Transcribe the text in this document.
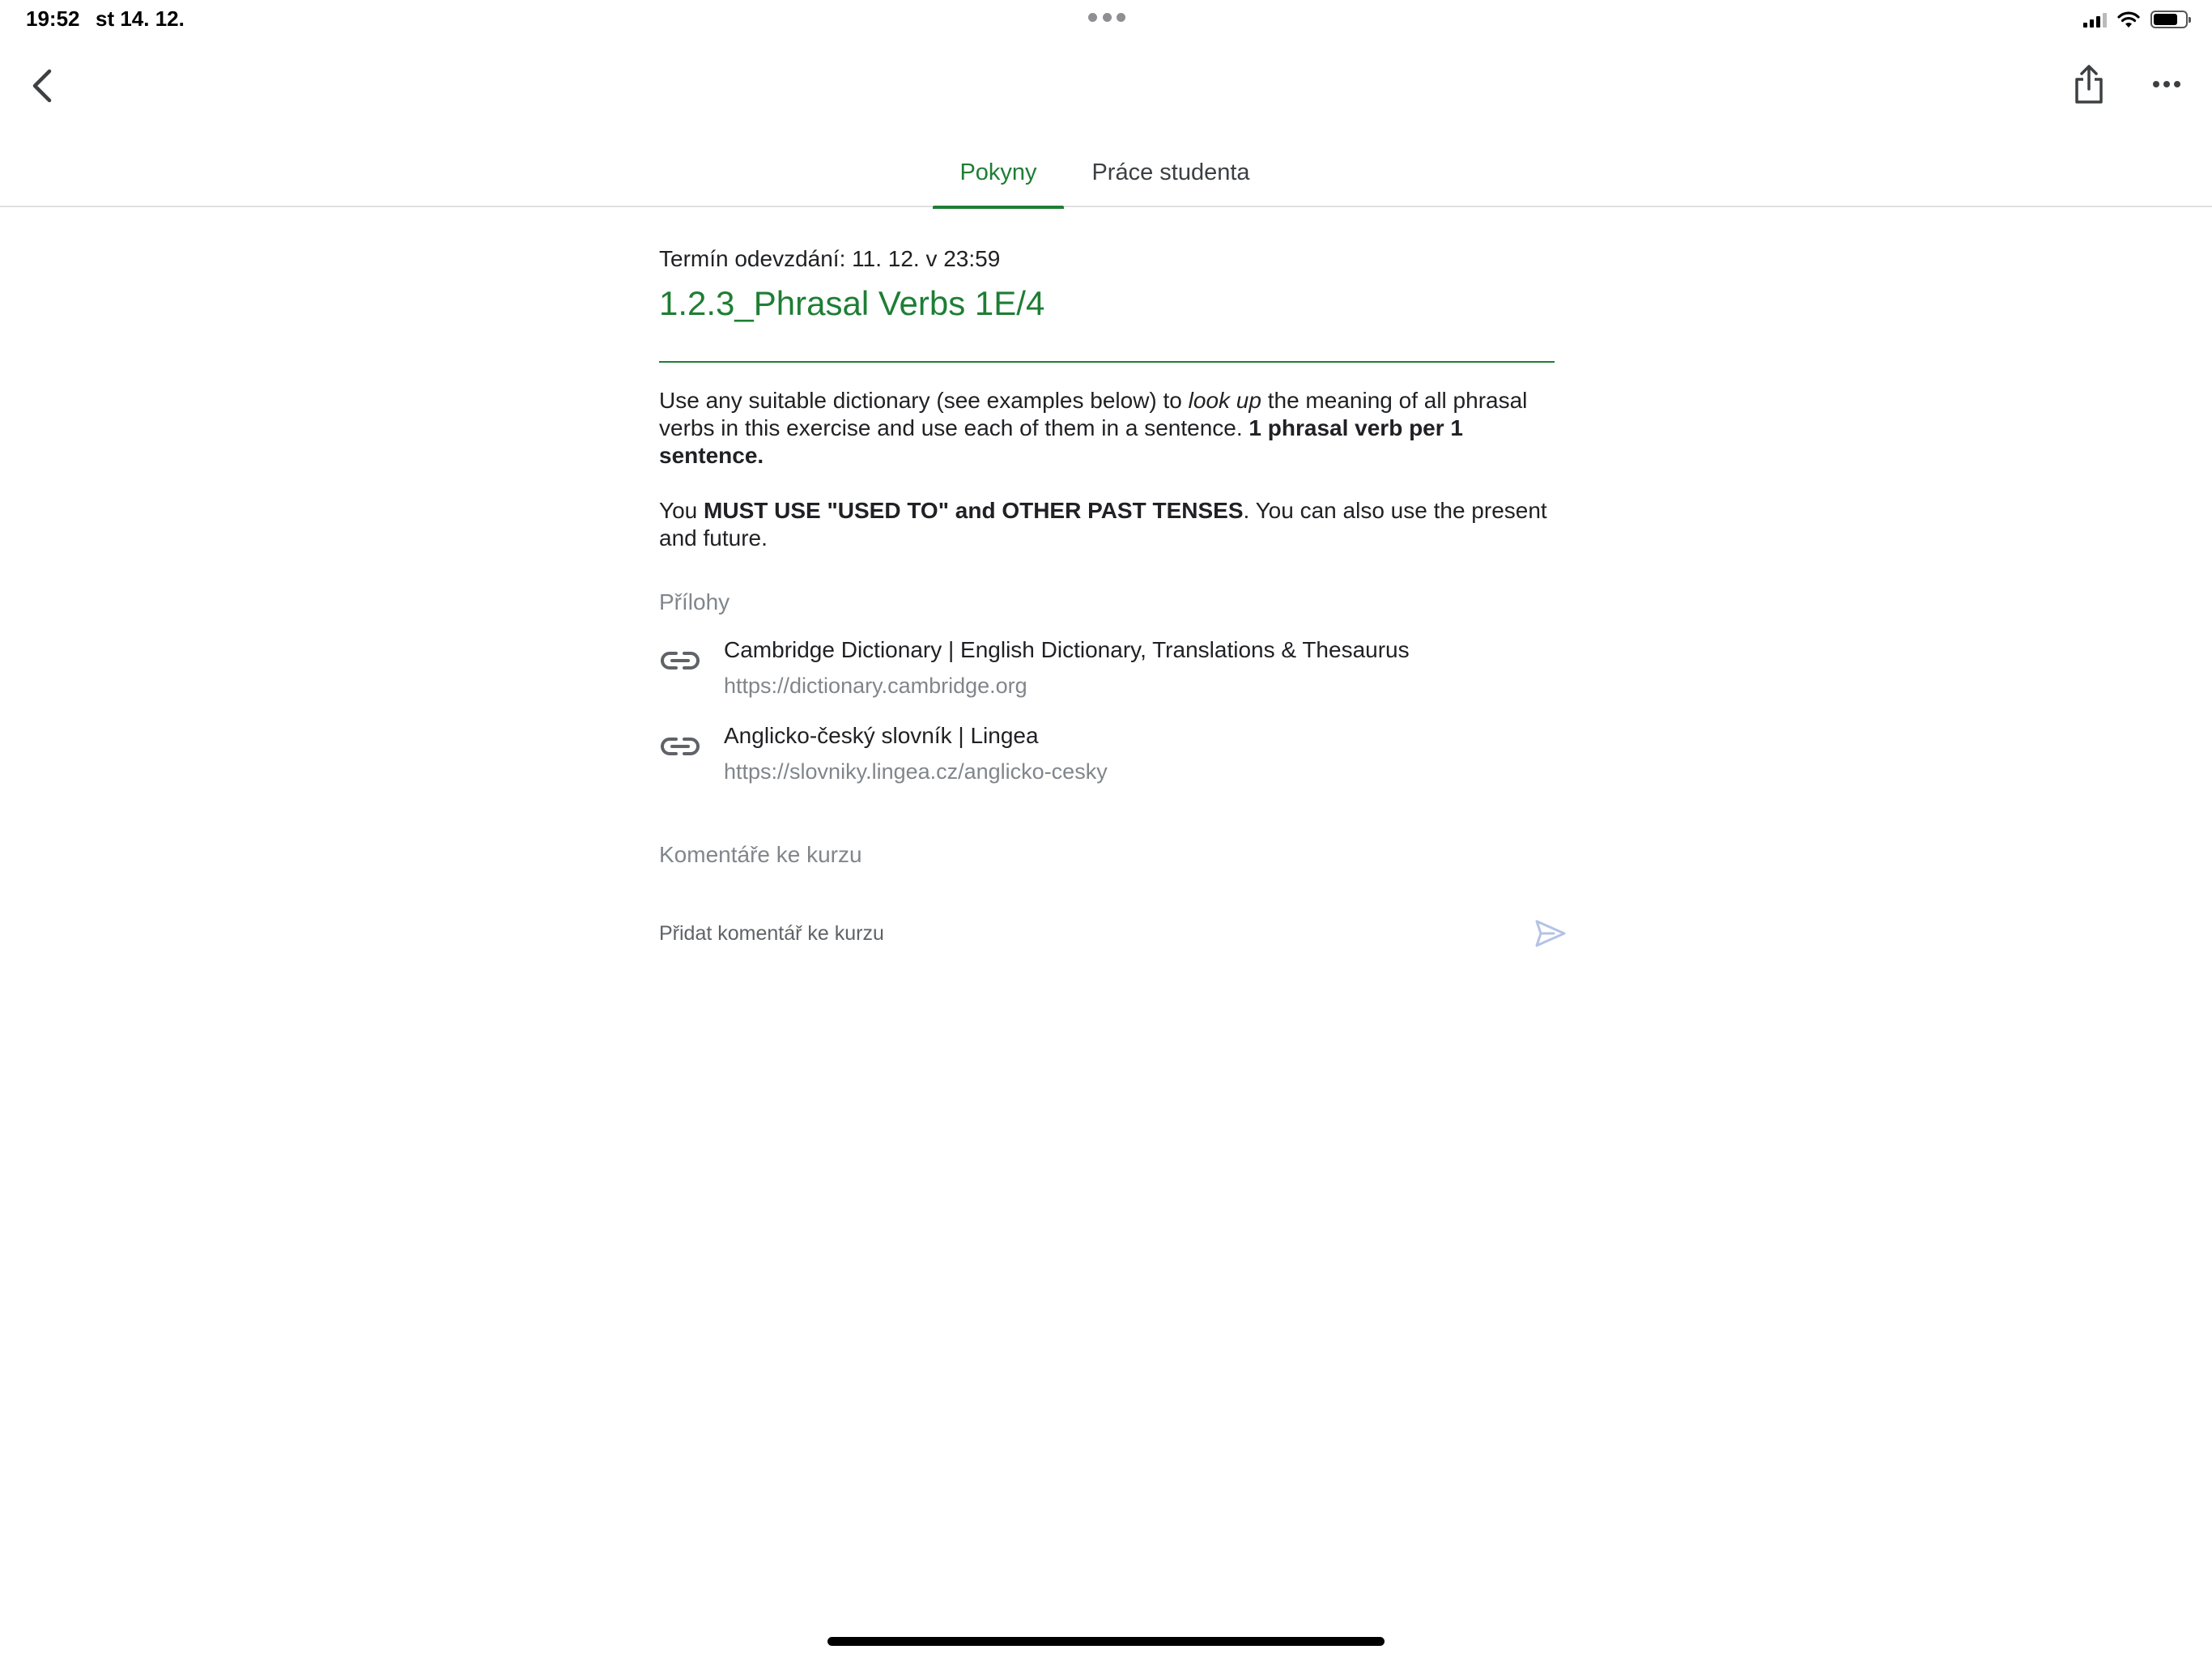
19:52 st 14. 12.
Pokyny	Práce studenta
Termín odevzdání: 11. 12. v 23:59
1.2.3_Phrasal Verbs 1E/4

Use any suitable dictionary (see examples below) to look up the meaning of all phrasal verbs in this exercise and use each of them in a sentence. 1 phrasal verb per 1 sentence.

You MUST USE "USED TO" and OTHER PAST TENSES. You can also use the present and future.

Přílohy
Cambridge Dictionary | English Dictionary, Translations & Thesaurus
https://dictionary.cambridge.org
Anglicko-český slovník | Lingea
https://slovniky.lingea.cz/anglicko-cesky
Komentáře ke kurzu
Přidat komentář ke kurzu
